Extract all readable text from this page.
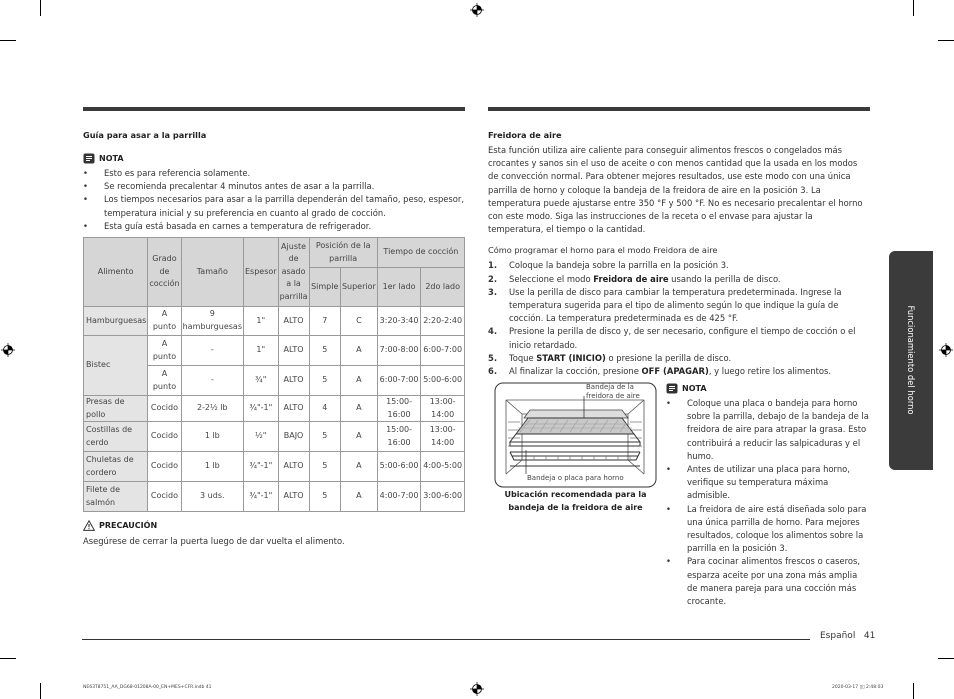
Guía para asar a la parrilla
NOTA
• Esto es para referencia solamente.
• Se recomienda precalentar 4 minutos antes de asar a la parrilla.
• Los tiempos necesarios para asar a la parrilla dependerán del tamaño, peso, espesor, temperatura inicial y su preferencia en cuanto al grado de cocción.
• Esta guía está basada en carnes a temperatura de refrigerador.
Alimento	Grado de cocción	Tamaño	Espesor	Ajuste de asado a la parrilla	Posición de la parrilla		Tiempo de cocción	
					Simple	Superior	1er lado	2do lado
Hamburguesas	A punto	9 hamburguesas	1"	ALTO	7	C	3:20-3:40	2:20-2:40
Bistec	A punto	-	1"	ALTO	5	A	7:00-8:00	6:00-7:00
	A punto	-	¾"	ALTO	5	A	6:00-7:00	5:00-6:00
Presas de pollo	Cocido	2-2½ lb	¾"-1"	ALTO	4	A	15:00-16:00	13:00-14:00
Costillas de cerdo	Cocido	1 lb	½"	BAJO	5	A	15:00-16:00	13:00-14:00
Chuletas de cordero	Cocido	1 lb	¾"-1"	ALTO	5	A	5:00-6:00	4:00-5:00
Filete de salmón	Cocido	3 uds.	¾"-1"	ALTO	5	A	4:00-7:00	3:00-6:00
PRECAUCIÓN
Asegúrese de cerrar la puerta luego de dar vuelta el alimento.
Freidora de aire
Esta función utiliza aire caliente para conseguir alimentos frescos o congelados más crocantes y sanos sin el uso de aceite o con menos cantidad que la usada en los modos de convección normal. Para obtener mejores resultados, use este modo con una única parrilla de horno y coloque la bandeja de la freidora de aire en la posición 3. La temperatura puede ajustarse entre 350 °F y 500 °F. No es necesario precalentar el horno con este modo. Siga las instrucciones de la receta o el envase para ajustar la temperatura, el tiempo o la cantidad.
Cómo programar el horno para el modo Freidora de aire
1. Coloque la bandeja sobre la parrilla en la posición 3.
2. Seleccione el modo Freidora de aire usando la perilla de disco.
3. Use la perilla de disco para cambiar la temperatura predeterminada. Ingrese la temperatura sugerida para el tipo de alimento según lo que indique la guía de cocción. La temperatura predeterminada es de 425 °F.
4. Presione la perilla de disco y, de ser necesario, configure el tiempo de cocción o el inicio retardado.
5. Toque START (INICIO) o presione la perilla de disco.
6. Al finalizar la cocción, presione OFF (APAGAR), y luego retire los alimentos.
Bandeja de la freidora de aire
Bandeja o placa para horno
Ubicación recomendada para la bandeja de la freidora de aire
NOTA
• Coloque una placa o bandeja para horno sobre la parrilla, debajo de la bandeja de la freidora de aire para atrapar la grasa. Esto contribuirá a reducir las salpicaduras y el humo.
• Antes de utilizar una placa para horno, verifique su temperatura máxima admisible.
• La freidora de aire está diseñada solo para una única parrilla de horno. Para mejores resultados, coloque los alimentos sobre la parrilla en la posición 3.
• Para cocinar alimentos frescos o caseros, esparza aceite por una zona más amplia de manera pareja para una cocción más crocante.
Funcionamiento del horno
Español 41
NE63T8751_AA_DG68-01208A-00_EN+MES+CFR.indb 41	2020-03-17 ▯▯ 2:48:03
